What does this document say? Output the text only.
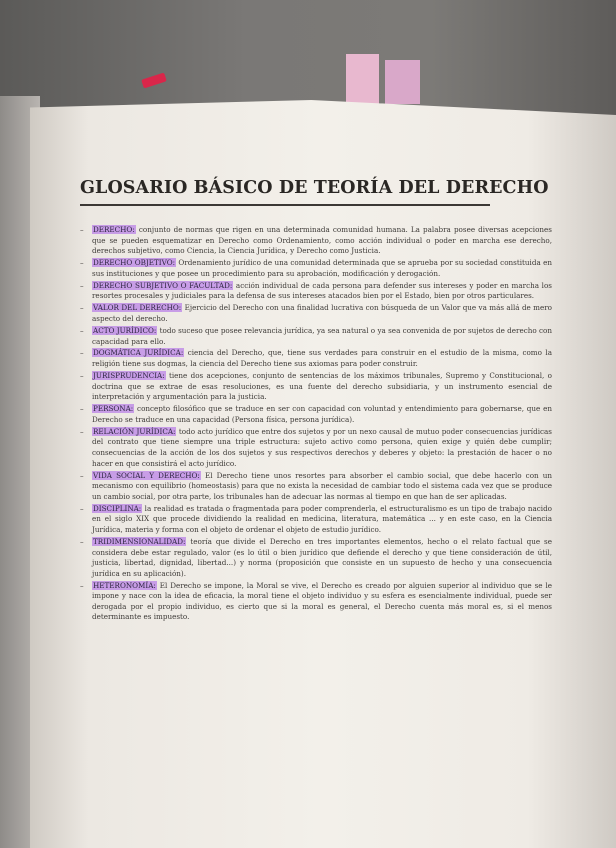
GLOSARIO BÁSICO DE TEORÍA DEL DERECHO
– DERECHO: conjunto de normas que rigen en una determinada comunidad humana. La palabra posee diversas acepciones que se pueden esquematizar en Derecho como Ordenamiento, como acción individual o poder en marcha ese derecho, derechos subjetivo, como Ciencia, la Ciencia Jurídica, y Derecho como Justicia.
– DERECHO OBJETIVO: Ordenamiento jurídico de una comunidad determinada que se aprueba por su sociedad constituida en sus instituciones y que posee un procedimiento para su aprobación, modificación y derogación.
– DERECHO SUBJETIVO O FACULTAD: acción individual de cada persona para defender sus intereses y poder en marcha los resortes procesales y judiciales para la defensa de sus intereses atacados bien por el Estado, bien por otros particulares.
– VALOR DEL DERECHO: Ejercicio del Derecho con una finalidad lucrativa con búsqueda de un Valor que va más allá de mero aspecto del derecho.
– ACTO JURÍDICO: todo suceso que posee relevancia jurídica, ya sea natural o ya sea convenida de por sujetos de derecho con capacidad para ello.
– DOGMÁTICA JURÍDICA: ciencia del Derecho, que, tiene sus verdades para construir en el estudio de la misma, como la religión tiene sus dogmas, la ciencia del Derecho tiene sus axiomas para poder construir.
– JURISPRUDENCIA: tiene dos acepciones, conjunto de sentencias de los máximos tribunales, Supremo y Constitucional, o doctrina que se extrae de esas resoluciones, es una fuente del derecho subsidiaria, y un instrumento esencial de interpretación y argumentación para la justicia.
– PERSONA: concepto filosófico que se traduce en ser con capacidad con voluntad y entendimiento para gobernarse, que en Derecho se traduce en una capacidad (Persona física, persona jurídica).
– RELACIÓN JURÍDICA: todo acto jurídico que entre dos sujetos y por un nexo causal de mutuo poder consecuencias jurídicas del contrato que tiene siempre una triple estructura: sujeto activo como persona, quien exige y quién debe cumplir; consecuencias de la acción de los dos sujetos y sus respectivos derechos y deberes y objeto: la prestación de hacer o no hacer en que consistirá el acto jurídico.
– VIDA SOCIAL Y DERECHO: El Derecho tiene unos resortes para absorber el cambio social, que debe hacerlo con un mecanismo con equilibrio (homeostasis) para que no exista la necesidad de cambiar todo el sistema cada vez que se produce un cambio social, por otra parte, los tribunales han de adecuar las normas al tiempo en que han de ser aplicadas.
– DISCIPLINA: la realidad es tratada o fragmentada para poder comprenderla, el estructuralismo es un tipo de trabajo nacido en el siglo XIX que procede dividiendo la realidad en medicina, literatura, matemática ... y en este caso, en la Ciencia Jurídica, materia y forma con el objeto de ordenar el objeto de estudio jurídico.
– TRIDIMENSIONALIDAD: teoría que divide el Derecho en tres importantes elementos, hecho o el relato factual que se considera debe estar regulado, valor (es lo útil o bien jurídico que defiende el derecho y que tiene consideración de útil, justicia, libertad, dignidad, libertad...) y norma (proposición que consiste en un supuesto de hecho y una consecuencia jurídica en su aplicación).
– HETERONOMÍA: El Derecho se impone, la Moral se vive, el Derecho es creado por alguien superior al individuo que se le impone y nace con la idea de eficacia, la moral tiene el objeto individuo y su esfera es esencialmente individual, puede ser derogada por el propio individuo, es cierto que si la moral es general, el Derecho cuenta más moral es, si el menos determinante es impuesto.
